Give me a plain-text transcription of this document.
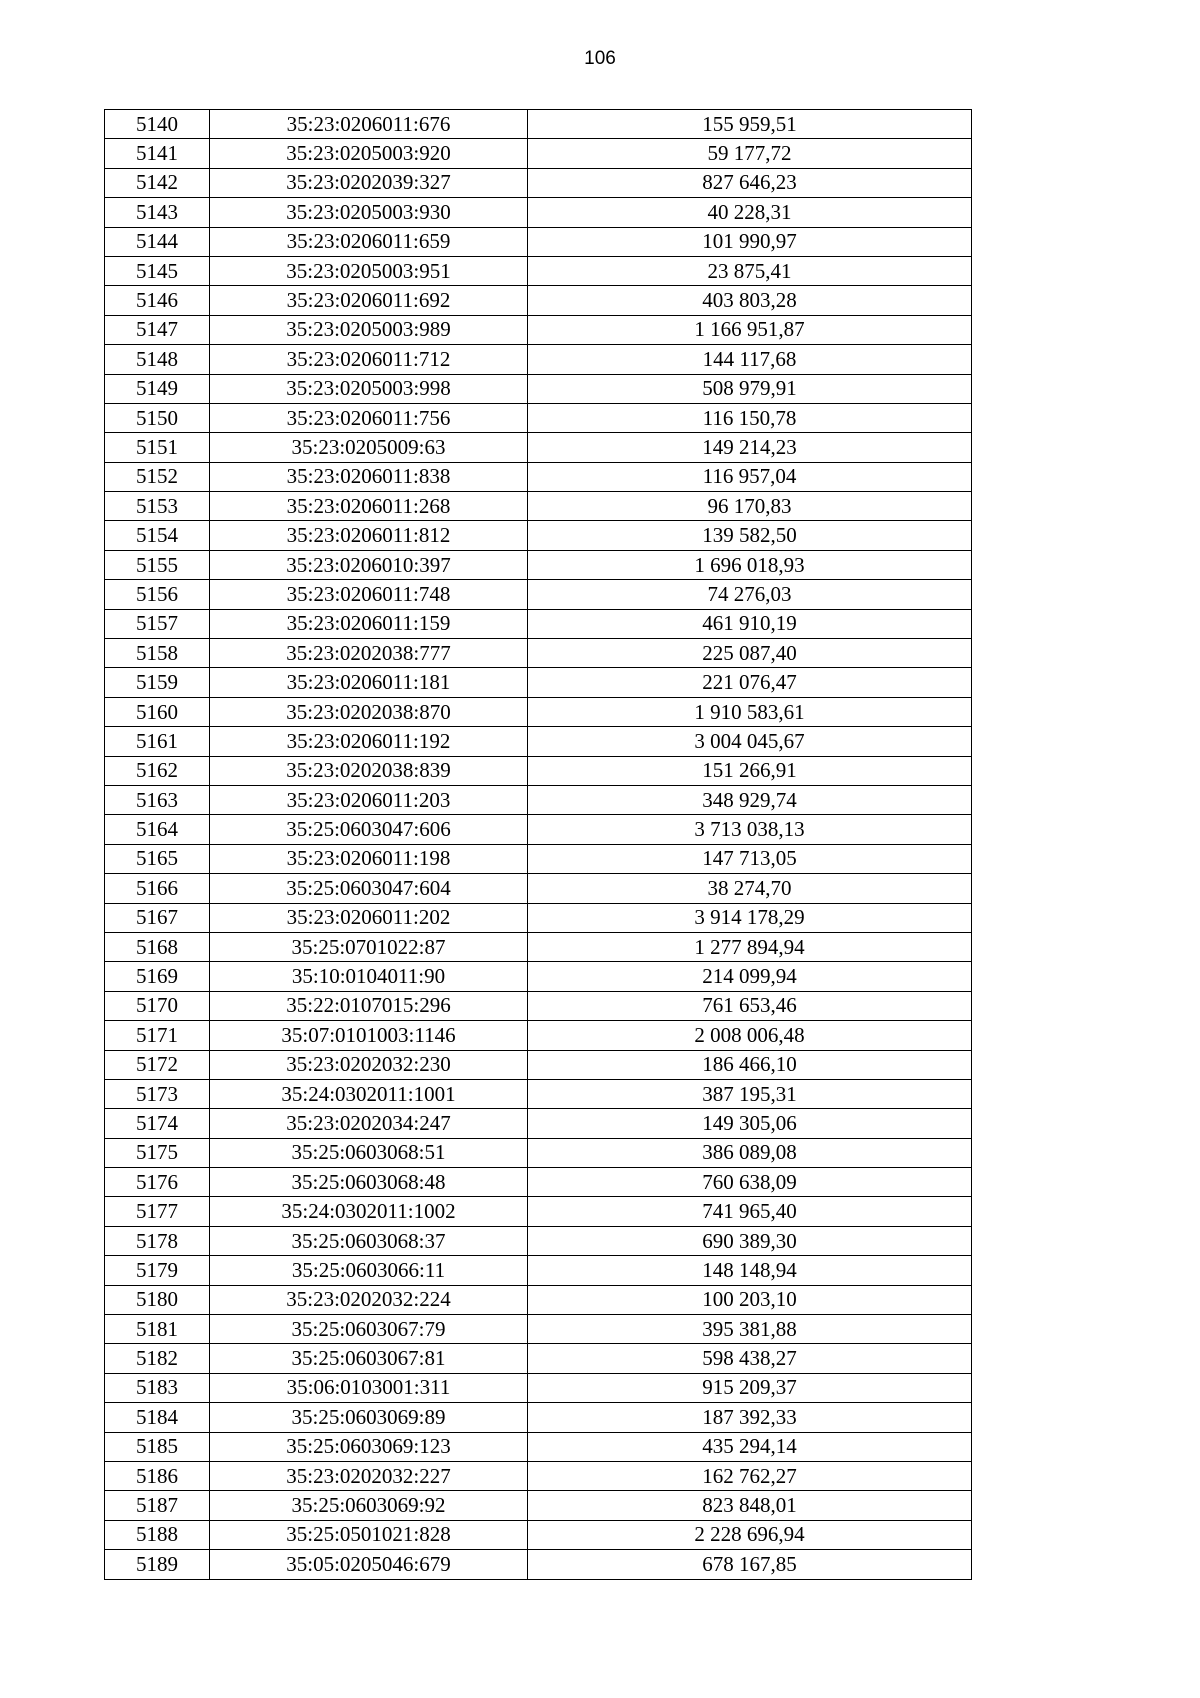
106
5140	35:23:0206011:676	155 959,51
5141	35:23:0205003:920	59 177,72
5142	35:23:0202039:327	827 646,23
5143	35:23:0205003:930	40 228,31
5144	35:23:0206011:659	101 990,97
5145	35:23:0205003:951	23 875,41
5146	35:23:0206011:692	403 803,28
5147	35:23:0205003:989	1 166 951,87
5148	35:23:0206011:712	144 117,68
5149	35:23:0205003:998	508 979,91
5150	35:23:0206011:756	116 150,78
5151	35:23:0205009:63	149 214,23
5152	35:23:0206011:838	116 957,04
5153	35:23:0206011:268	96 170,83
5154	35:23:0206011:812	139 582,50
5155	35:23:0206010:397	1 696 018,93
5156	35:23:0206011:748	74 276,03
5157	35:23:0206011:159	461 910,19
5158	35:23:0202038:777	225 087,40
5159	35:23:0206011:181	221 076,47
5160	35:23:0202038:870	1 910 583,61
5161	35:23:0206011:192	3 004 045,67
5162	35:23:0202038:839	151 266,91
5163	35:23:0206011:203	348 929,74
5164	35:25:0603047:606	3 713 038,13
5165	35:23:0206011:198	147 713,05
5166	35:25:0603047:604	38 274,70
5167	35:23:0206011:202	3 914 178,29
5168	35:25:0701022:87	1 277 894,94
5169	35:10:0104011:90	214 099,94
5170	35:22:0107015:296	761 653,46
5171	35:07:0101003:1146	2 008 006,48
5172	35:23:0202032:230	186 466,10
5173	35:24:0302011:1001	387 195,31
5174	35:23:0202034:247	149 305,06
5175	35:25:0603068:51	386 089,08
5176	35:25:0603068:48	760 638,09
5177	35:24:0302011:1002	741 965,40
5178	35:25:0603068:37	690 389,30
5179	35:25:0603066:11	148 148,94
5180	35:23:0202032:224	100 203,10
5181	35:25:0603067:79	395 381,88
5182	35:25:0603067:81	598 438,27
5183	35:06:0103001:311	915 209,37
5184	35:25:0603069:89	187 392,33
5185	35:25:0603069:123	435 294,14
5186	35:23:0202032:227	162 762,27
5187	35:25:0603069:92	823 848,01
5188	35:25:0501021:828	2 228 696,94
5189	35:05:0205046:679	678 167,85
